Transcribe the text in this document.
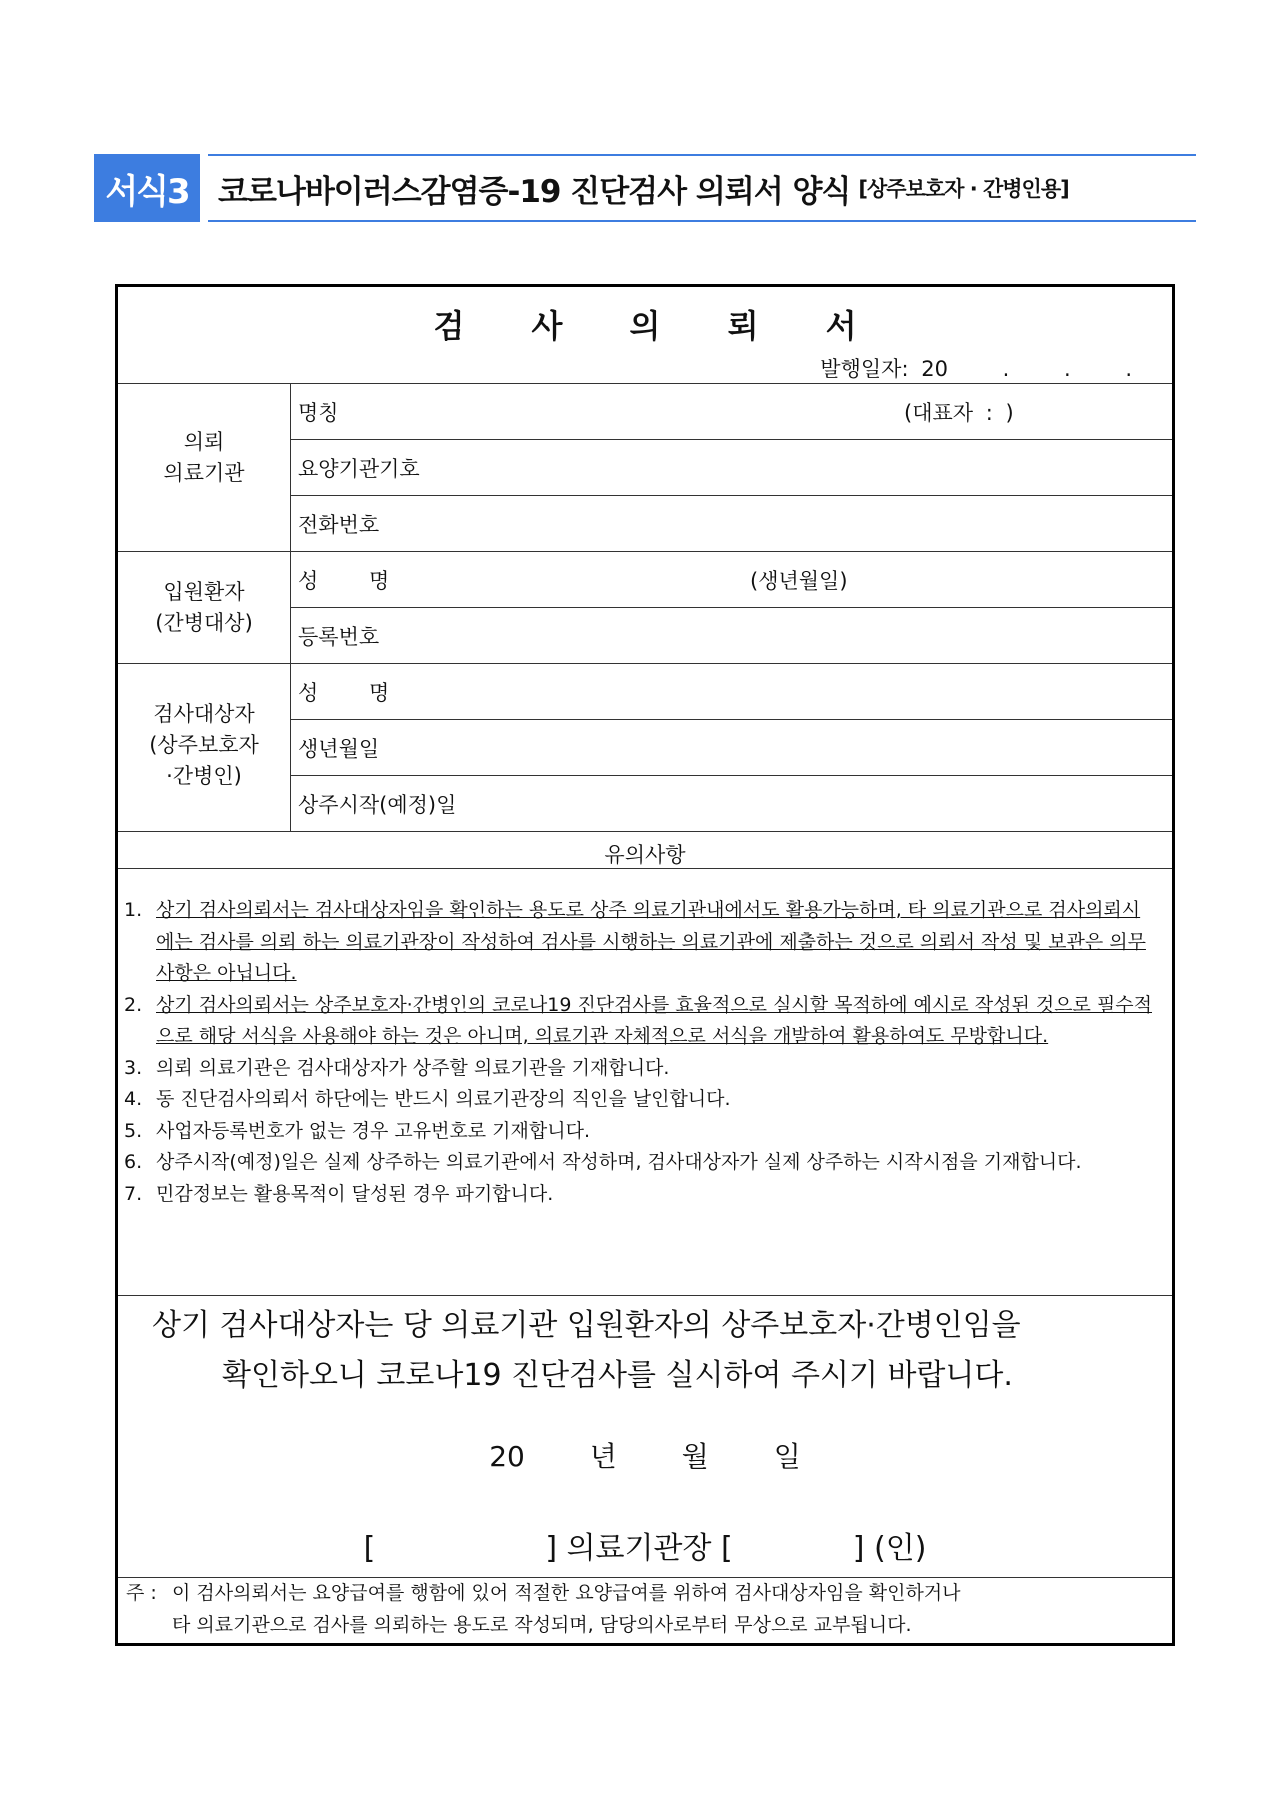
서식3 코로나바이러스감염증-19 진단검사 의뢰서 양식 [상주보호자 · 간병인용]
검 사 의 뢰 서
발행일자: 20 . . .
의뢰
의료기관
명칭	(대표자 : )
요양기관기호
전화번호
입원환자
(간병대상)
성 명	(생년월일)
등록번호
검사대상자
(상주보호자
·간병인)
성 명
생년월일
상주시작(예정)일
유의사항
1. 상기 검사의뢰서는 검사대상자임을 확인하는 용도로 상주 의료기관내에서도 활용가능하며, 타 의료기관으로 검사의뢰시에는 검사를 의뢰 하는 의료기관장이 작성하여 검사를 시행하는 의료기관에 제출하는 것으로 의뢰서 작성 및 보관은 의무사항은 아닙니다.
2. 상기 검사의뢰서는 상주보호자·간병인의 코로나19 진단검사를 효율적으로 실시할 목적하에 예시로 작성된 것으로 필수적으로 해당 서식을 사용해야 하는 것은 아니며, 의료기관 자체적으로 서식을 개발하여 활용하여도 무방합니다.
3. 의뢰 의료기관은 검사대상자가 상주할 의료기관을 기재합니다.
4. 동 진단검사의뢰서 하단에는 반드시 의료기관장의 직인을 날인합니다.
5. 사업자등록번호가 없는 경우 고유번호로 기재합니다.
6. 상주시작(예정)일은 실제 상주하는 의료기관에서 작성하며, 검사대상자가 실제 상주하는 시작시점을 기재합니다.
7. 민감정보는 활용목적이 달성된 경우 파기합니다.
상기 검사대상자는 당 의료기관 입원환자의 상주보호자·간병인임을
확인하오니 코로나19 진단검사를 실시하여 주시기 바랍니다.
20 년 월 일
[	] 의료기관장 [	] (인)
주 : 이 검사의뢰서는 요양급여를 행함에 있어 적절한 요양급여를 위하여 검사대상자임을 확인하거나
타 의료기관으로 검사를 의뢰하는 용도로 작성되며, 담당의사로부터 무상으로 교부됩니다.
